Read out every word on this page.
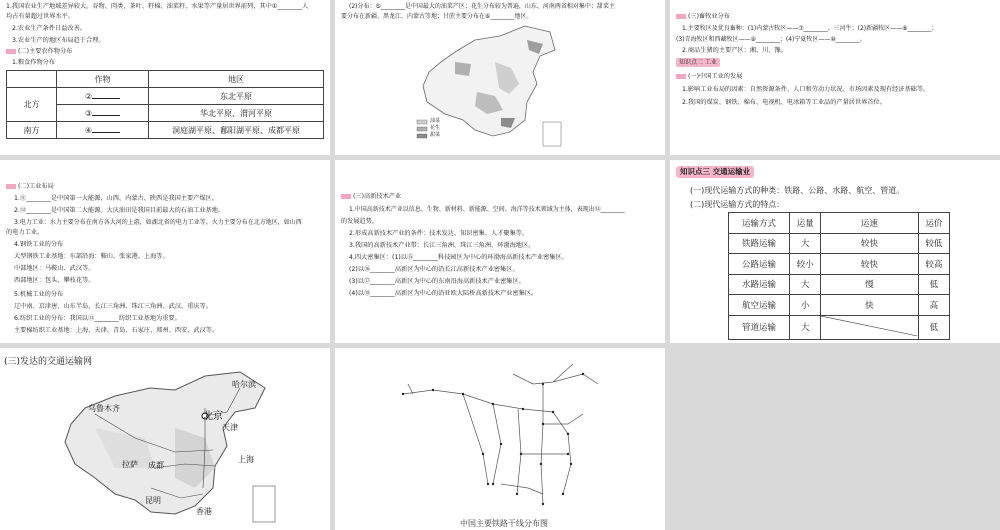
1.我国农业生产地域差异较大。谷物、肉类、茶叶、籽棉、油菜籽、水果等产量居世界前列，其中①________人
均占有量超过世界水平。
2.农业生产条件日益改善。
3.农业生产的地区布局趋于合理。
(二)主要农作物分布
1.粮食作物分布
	作物	地区
北方	②	东北平原
	③	华北平原、渭河平原
南方	④	洞庭湖平原、鄱阳湖平原、成都平原
(2)分布：⑤________是中国最大的油菜产区；花生分布较为普遍，山东、河南两省相对集中；甜菜主
要分布在新疆、黑龙江、内蒙古等地；甘蔗主要分布在⑥________地区。
油菜
花生
甜菜
(三)畜牧业分布
1.主要牧区及优良畜种：(1)内蒙古牧区——⑦________、三河牛；(2)新疆牧区——⑧________；
(3)青海牧区和西藏牧区——⑨________；(4)宁夏牧区——⑩________。
2.商品生猪的主要产区：湘、川、豫。
知识点二 工业
(一)中国工业的发展
1.影响工业布局的因素：自然资源条件、人口和劳动力状况、市场因素及现有经济基础等。
2.我国的煤炭、钢铁、棉布、电视机、电冰箱等工业品的产量居世界首位。
(二)工业布局
1.⑪________是中国第一大能源，山西、内蒙古、陕西是我国主要产煤区。
2.⑫________是中国第二大能源。大庆油田是我国目前最大的石油工业基地。
3.电力工业：水力主要分布在南方各大河的上游，如湖北省的电力工业等。火力主要分布在北方地区，如山西
的电力工业。
4.钢铁工业的分布
大型钢铁工业基地：东部沿海：鞍山、张家港、上海等。
中部地区：马鞍山、武汉等。
西部地区：包头、攀枝花等。
5.机械工业的分布
辽中南、京津唐、山东半岛、长江三角洲、珠江三角洲、武汉、重庆等。
6.纺织工业的分布：我国以⑬________纺织工业基地为重要。
主要棉纺织工业基地：上海、天津、青岛、石家庄、郑州、西安、武汉等。
(三)高新技术产业
1.中国高新技术产业以信息、生物、新材料、新能源、空间、海洋等技术领域为主体，表现出⑭________
的发展趋势。
2.形成高新技术产业的条件：技术发达、知识密集、人才聚集等。
3.我国的高新技术产业带：长江三角洲、珠江三角洲、环渤海地区。
4.四大密集区：(1)以⑮________科技园区为中心的环渤海高新技术产业密集区。
(2)以⑯________高新区为中心的沿长江高新技术产业密集区。
(3)以⑰________高新区为中心的东南沿海高新技术产业密集区。
(4)以⑱________高新区为中心的沿亚欧大陆桥高新技术产业密集区。
知识点三 交通运输业
(一)现代运输方式的种类：铁路、公路、水路、航空、管道。
(二)现代运输方式的特点：
运输方式	运量	运速	运价
铁路运输	大	较快	较低
公路运输	较小	较快	较高
水路运输	大	慢	低
航空运输	小	快	高
管道运输	大		低
(三)发达的交通运输网
乌鲁木齐
哈尔滨
北京
天津
拉萨 成都
上海
昆明
香港
中国主要铁路干线分布图
